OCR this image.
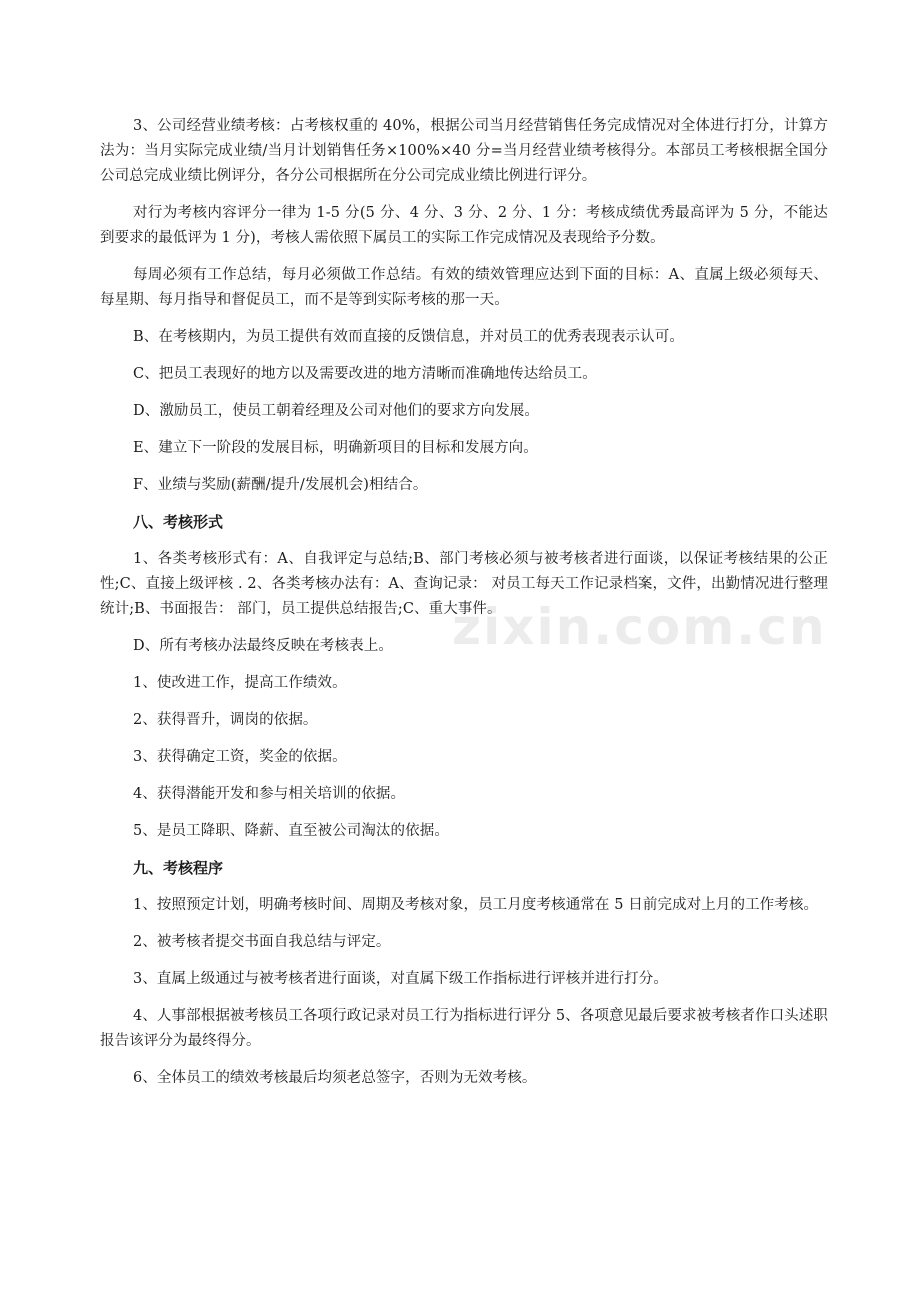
3、公司经营业绩考核：占考核权重的 40%，根据公司当月经营销售任务完成情况对全体进行打分，计算方法为：当月实际完成业绩/当月计划销售任务×100%×40 分=当月经营业绩考核得分。本部员工考核根据全国分公司总完成业绩比例评分，各分公司根据所在分公司完成业绩比例进行评分。

对行为考核内容评分一律为 1-5 分(5 分、4 分、3 分、2 分、1 分：考核成绩优秀最高评为 5 分，不能达到要求的最低评为 1 分)，考核人需依照下属员工的实际工作完成情况及表现给予分数。

每周必须有工作总结，每月必须做工作总结。有效的绩效管理应达到下面的目标：A、直属上级必须每天、每星期、每月指导和督促员工，而不是等到实际考核的那一天。

B、在考核期内，为员工提供有效而直接的反馈信息，并对员工的优秀表现表示认可。

C、把员工表现好的地方以及需要改进的地方清晰而准确地传达给员工。

D、激励员工，使员工朝着经理及公司对他们的要求方向发展。

E、建立下一阶段的发展目标，明确新项目的目标和发展方向。

F、业绩与奖励(薪酬/提升/发展机会)相结合。

八、考核形式

1、各类考核形式有：A、自我评定与总结;B、部门考核必须与被考核者进行面谈，以保证考核结果的公正性;C、直接上级评核 . 2、各类考核办法有：A、查询记录： 对员工每天工作记录档案，文件，出勤情况进行整理统计;B、书面报告： 部门，员工提供总结报告;C、重大事件。

D、所有考核办法最终反映在考核表上。

1、使改进工作，提高工作绩效。

2、获得晋升，调岗的依据。

3、获得确定工资，奖金的依据。

4、获得潜能开发和参与相关培训的依据。

5、是员工降职、降薪、直至被公司淘汰的依据。

九、考核程序

1、按照预定计划，明确考核时间、周期及考核对象，员工月度考核通常在 5 日前完成对上月的工作考核。

2、被考核者提交书面自我总结与评定。

3、直属上级通过与被考核者进行面谈，对直属下级工作指标进行评核并进行打分。

4、人事部根据被考核员工各项行政记录对员工行为指标进行评分 5、各项意见最后要求被考核者作口头述职报告该评分为最终得分。

6、全体员工的绩效考核最后均须老总签字，否则为无效考核。

zixin.com.cn
